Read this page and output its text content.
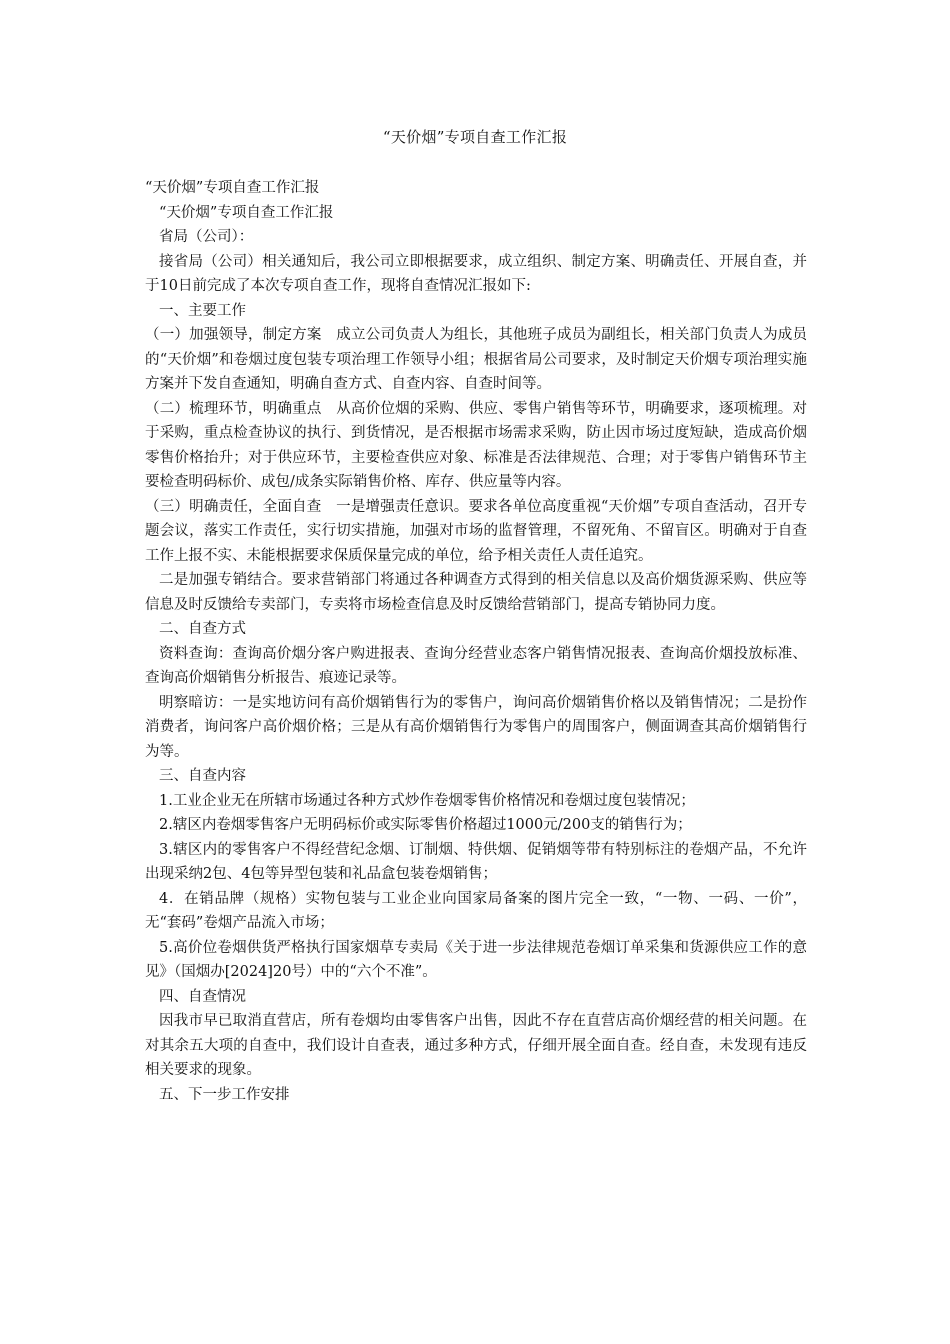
“天价烟”专项自查工作汇报

“天价烟”专项自查工作汇报

“天价烟”专项自查工作汇报

省局（公司）：

接省局（公司）相关通知后，我公司立即根据要求，成立组织、制定方案、明确责任、开展自查，并于10日前完成了本次专项自查工作，现将自查情况汇报如下:

一、主要工作

（一）加强领导，制定方案　成立公司负责人为组长，其他班子成员为副组长，相关部门负责人为成员的“天价烟”和卷烟过度包装专项治理工作领导小组；根据省局公司要求，及时制定天价烟专项治理实施方案并下发自查通知，明确自查方式、自查内容、自查时间等。

（二）梳理环节，明确重点　从高价位烟的采购、供应、零售户销售等环节，明确要求，逐项梳理。对于采购，重点检查协议的执行、到货情况，是否根据市场需求采购，防止因市场过度短缺，造成高价烟零售价格抬升；对于供应环节，主要检查供应对象、标准是否法律规范、合理；对于零售户销售环节主要检查明码标价、成包/成条实际销售价格、库存、供应量等内容。

（三）明确责任，全面自查　一是增强责任意识。要求各单位高度重视“天价烟”专项自查活动，召开专题会议，落实工作责任，实行切实措施，加强对市场的监督管理，不留死角、不留盲区。明确对于自查工作上报不实、未能根据要求保质保量完成的单位，给予相关责任人责任追究。

二是加强专销结合。要求营销部门将通过各种调查方式得到的相关信息以及高价烟货源采购、供应等信息及时反馈给专卖部门，专卖将市场检查信息及时反馈给营销部门，提高专销协同力度。

二、自查方式

资料查询：查询高价烟分客户购进报表、查询分经营业态客户销售情况报表、查询高价烟投放标准、查询高价烟销售分析报告、痕迹记录等。

明察暗访：一是实地访问有高价烟销售行为的零售户，询问高价烟销售价格以及销售情况；二是扮作消费者，询问客户高价烟价格；三是从有高价烟销售行为零售户的周围客户，侧面调查其高价烟销售行为等。

三、自查内容

1.工业企业无在所辖市场通过各种方式炒作卷烟零售价格情况和卷烟过度包装情况；

2.辖区内卷烟零售客户无明码标价或实际零售价格超过1000元/200支的销售行为；

3.辖区内的零售客户不得经营纪念烟、订制烟、特供烟、促销烟等带有特别标注的卷烟产品，不允许出现采纳2包、4包等异型包装和礼品盒包装卷烟销售；

4．在销品牌（规格）实物包装与工业企业向国家局备案的图片完全一致，“一物、一码、一价”，无“套码”卷烟产品流入市场；

5.高价位卷烟供货严格执行国家烟草专卖局《关于进一步法律规范卷烟订单采集和货源供应工作的意见》（国烟办[2024]20号）中的“六个不准”。

四、自查情况

因我市早已取消直营店，所有卷烟均由零售客户出售，因此不存在直营店高价烟经营的相关问题。在对其余五大项的自查中，我们设计自查表，通过多种方式，仔细开展全面自查。经自查，未发现有违反相关要求的现象。

五、下一步工作安排
